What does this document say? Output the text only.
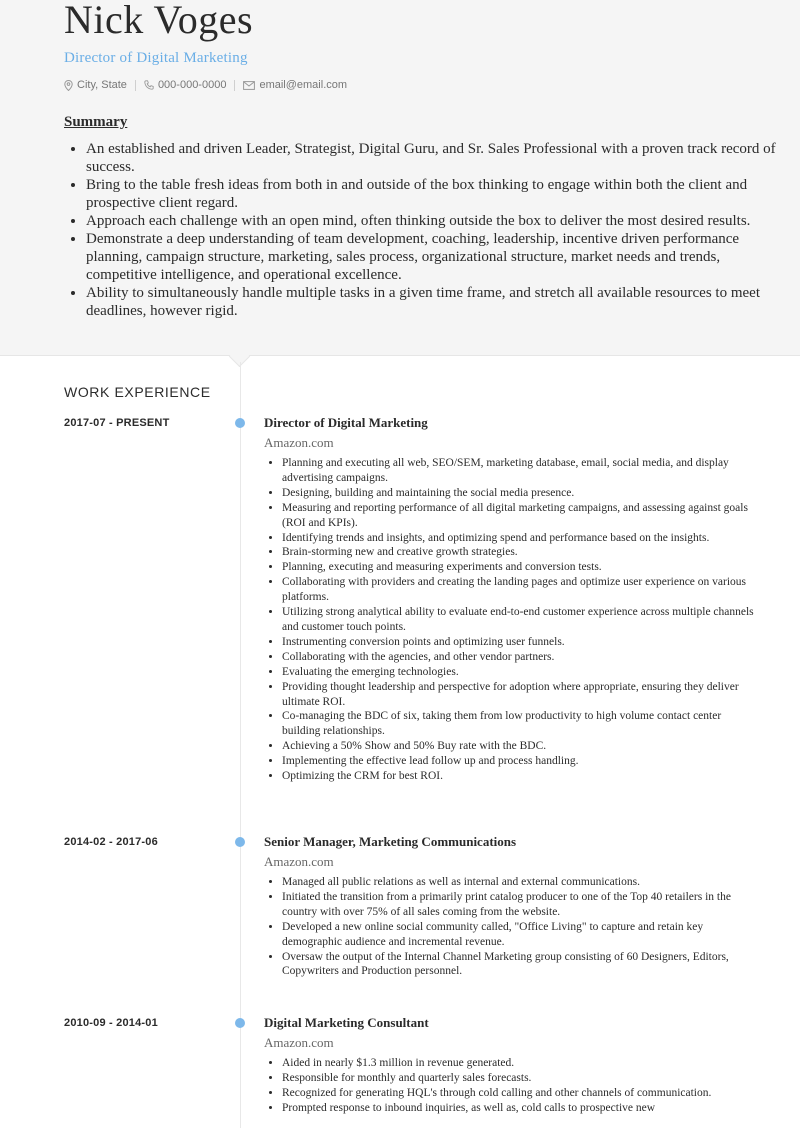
Nick Voges
Director of Digital Marketing
City, State	000-000-0000	email@email.com
Summary
• An established and driven Leader, Strategist, Digital Guru, and Sr. Sales Professional with a proven track record of success.
• Bring to the table fresh ideas from both in and outside of the box thinking to engage within both the client and prospective client regard.
• Approach each challenge with an open mind, often thinking outside the box to deliver the most desired results.
• Demonstrate a deep understanding of team development, coaching, leadership, incentive driven performance planning, campaign structure, marketing, sales process, organizational structure, market needs and trends, competitive intelligence, and operational excellence.
• Ability to simultaneously handle multiple tasks in a given time frame, and stretch all available resources to meet deadlines, however rigid.
WORK EXPERIENCE
2017-07 - PRESENT	Director of Digital Marketing
Amazon.com
• Planning and executing all web, SEO/SEM, marketing database, email, social media, and display advertising campaigns.
• Designing, building and maintaining the social media presence.
• Measuring and reporting performance of all digital marketing campaigns, and assessing against goals (ROI and KPIs).
• Identifying trends and insights, and optimizing spend and performance based on the insights.
• Brain-storming new and creative growth strategies.
• Planning, executing and measuring experiments and conversion tests.
• Collaborating with providers and creating the landing pages and optimize user experience on various platforms.
• Utilizing strong analytical ability to evaluate end-to-end customer experience across multiple channels and customer touch points.
• Instrumenting conversion points and optimizing user funnels.
• Collaborating with the agencies, and other vendor partners.
• Evaluating the emerging technologies.
• Providing thought leadership and perspective for adoption where appropriate, ensuring they deliver ultimate ROI.
• Co-managing the BDC of six, taking them from low productivity to high volume contact center building relationships.
• Achieving a 50% Show and 50% Buy rate with the BDC.
• Implementing the effective lead follow up and process handling.
• Optimizing the CRM for best ROI.
2014-02 - 2017-06	Senior Manager, Marketing Communications
Amazon.com
• Managed all public relations as well as internal and external communications.
• Initiated the transition from a primarily print catalog producer to one of the Top 40 retailers in the country with over 75% of all sales coming from the website.
• Developed a new online social community called, "Office Living" to capture and retain key demographic audience and incremental revenue.
• Oversaw the output of the Internal Channel Marketing group consisting of 60 Designers, Editors, Copywriters and Production personnel.
2010-09 - 2014-01	Digital Marketing Consultant
Amazon.com
• Aided in nearly $1.3 million in revenue generated.
• Responsible for monthly and quarterly sales forecasts.
• Recognized for generating HQL's through cold calling and other channels of communication.
• Prompted response to inbound inquiries, as well as, cold calls to prospective new
